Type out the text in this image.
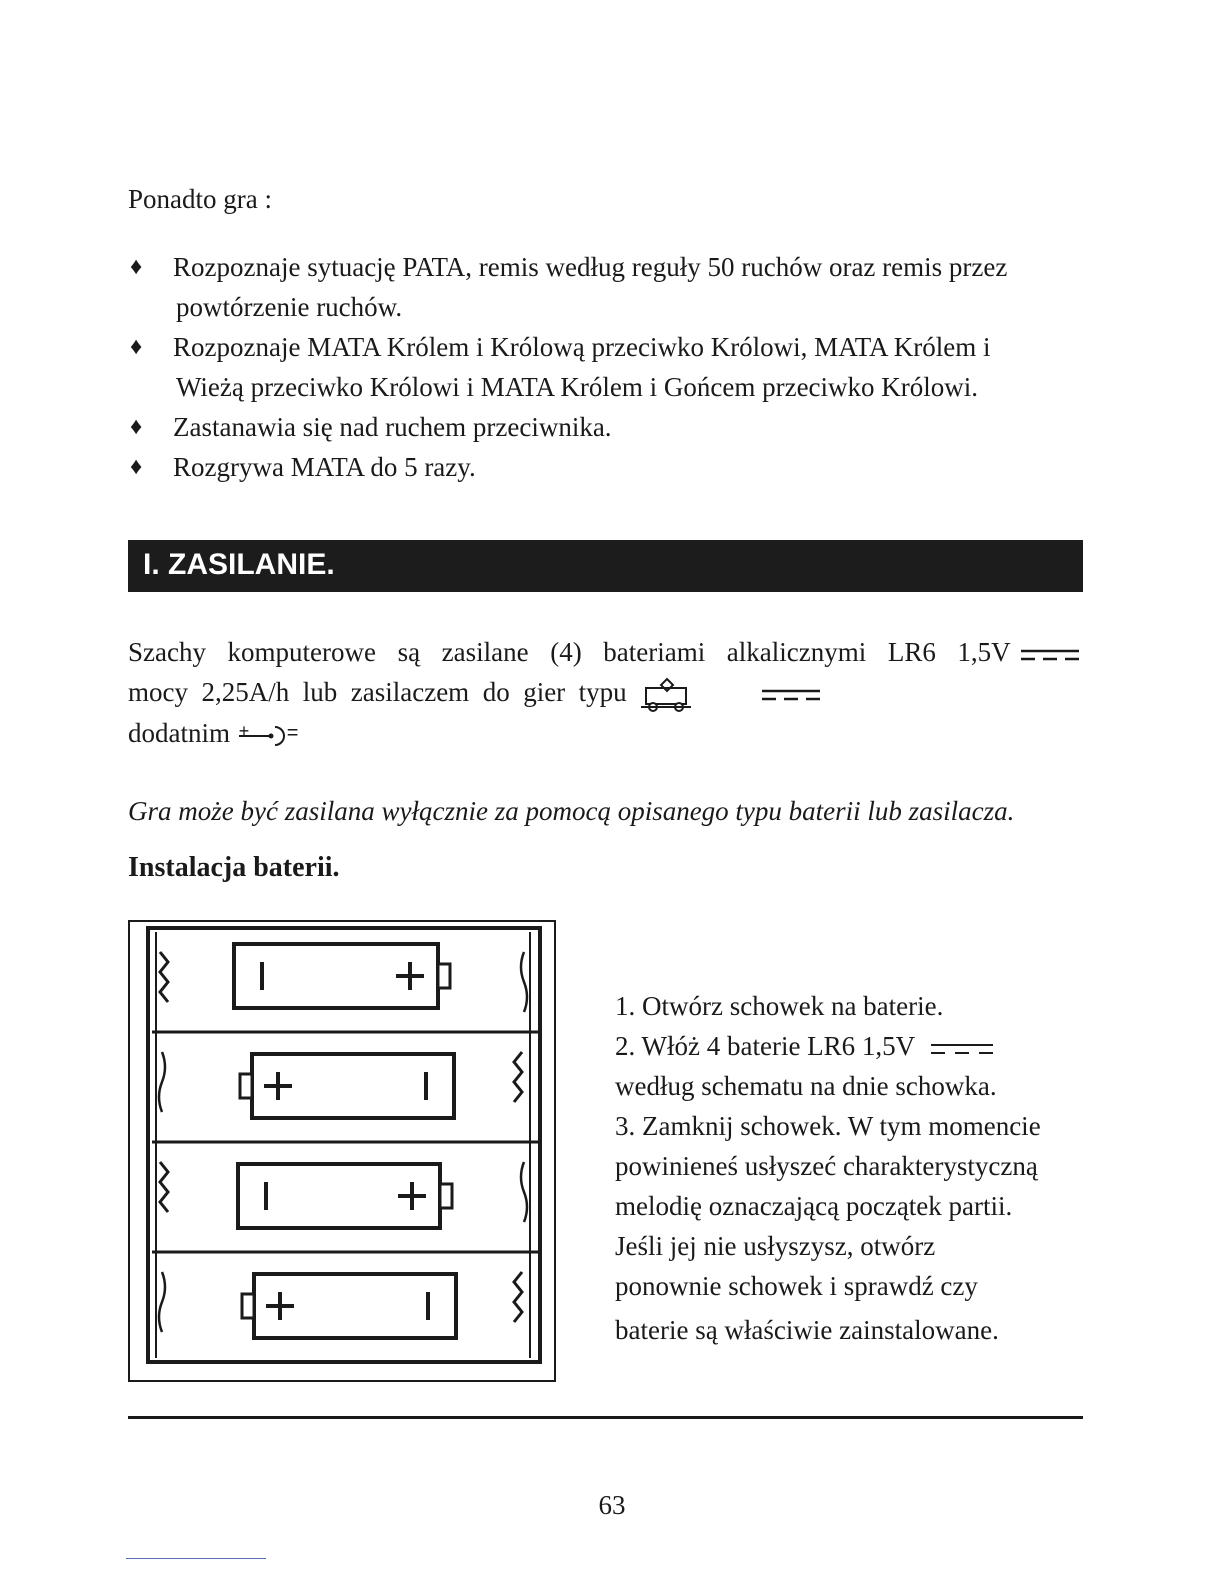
Ponadto gra :
♦ Rozpoznaje sytuację PATA, remis według reguły 50 ruchów oraz remis przez
powtórzenie ruchów.
♦ Rozpoznaje MATA Królem i Królową przeciwko Królowi, MATA Królem i
Wieżą przeciwko Królowi i MATA Królem i Gońcem przeciwko Królowi.
♦ Zastanawia się nad ruchem przeciwnika.
♦ Rozgrywa MATA do 5 razy.
I. ZASILANIE.
Szachy komputerowe są zasilane (4) bateriami alkalicznymi LR6 1,5V
mocy 2,25A/h lub zasilaczem do gier typu
dodatnim + =
Gra może być zasilana wyłącznie za pomocą opisanego typu baterii lub zasilacza.
Instalacja baterii.
1. Otwórz schowek na baterie.
2. Włóż 4 baterie LR6 1,5V
według schematu na dnie schowka.
3. Zamknij schowek. W tym momencie
powinieneś usłyszeć charakterystyczną
melodię oznaczającą początek partii.
Jeśli jej nie usłyszysz, otwórz
ponownie schowek i sprawdź czy
baterie są właściwie zainstalowane.
63
